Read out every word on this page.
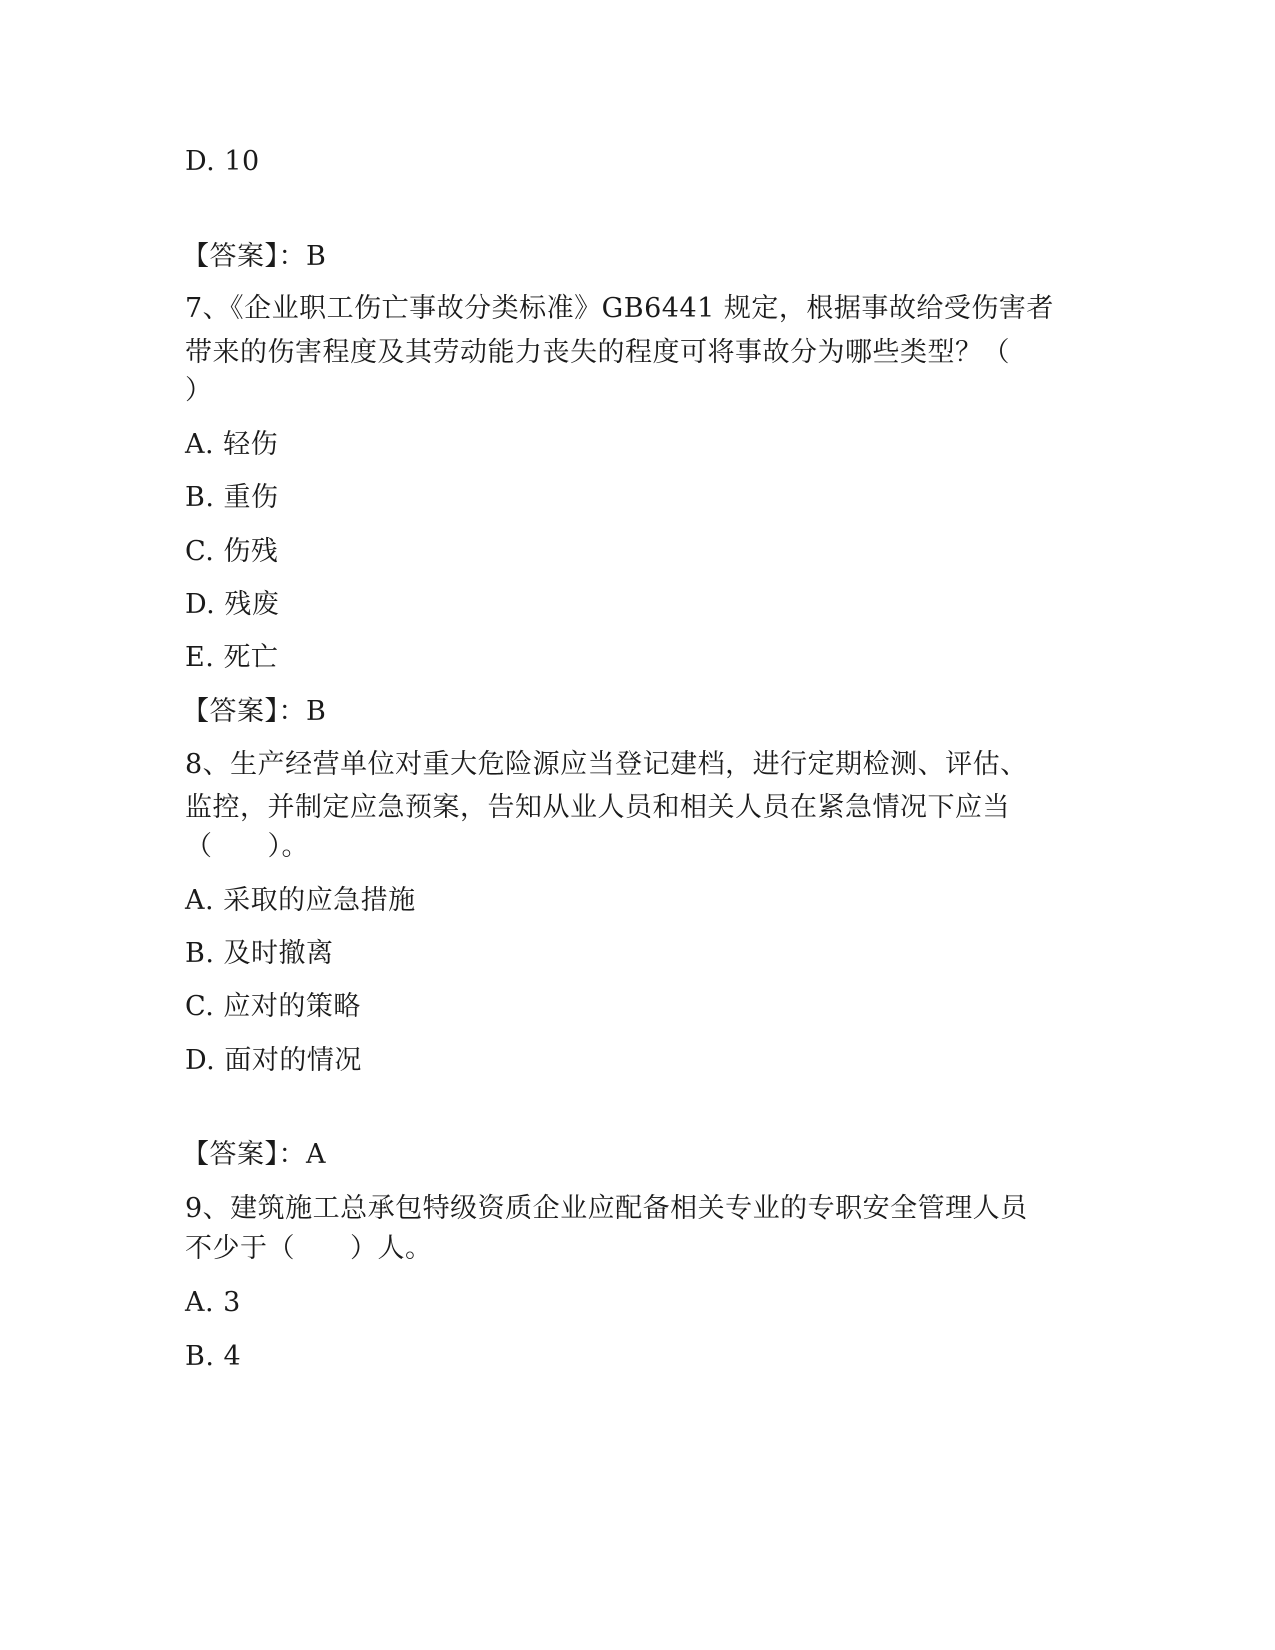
D. 10
【答案】：B
7、《企业职工伤亡事故分类标准》GB6441 规定，根据事故给受伤害者
带来的伤害程度及其劳动能力丧失的程度可将事故分为哪些类型？（
）
A. 轻伤
B. 重伤
C. 伤残
D. 残废
E. 死亡
【答案】：B
8、生产经营单位对重大危险源应当登记建档，进行定期检测、评估、
监控，并制定应急预案，告知从业人员和相关人员在紧急情况下应当
（　　）。
A. 采取的应急措施
B. 及时撤离
C. 应对的策略
D. 面对的情况
【答案】：A
9、建筑施工总承包特级资质企业应配备相关专业的专职安全管理人员
不少于（　　）人。
A. 3
B. 4
